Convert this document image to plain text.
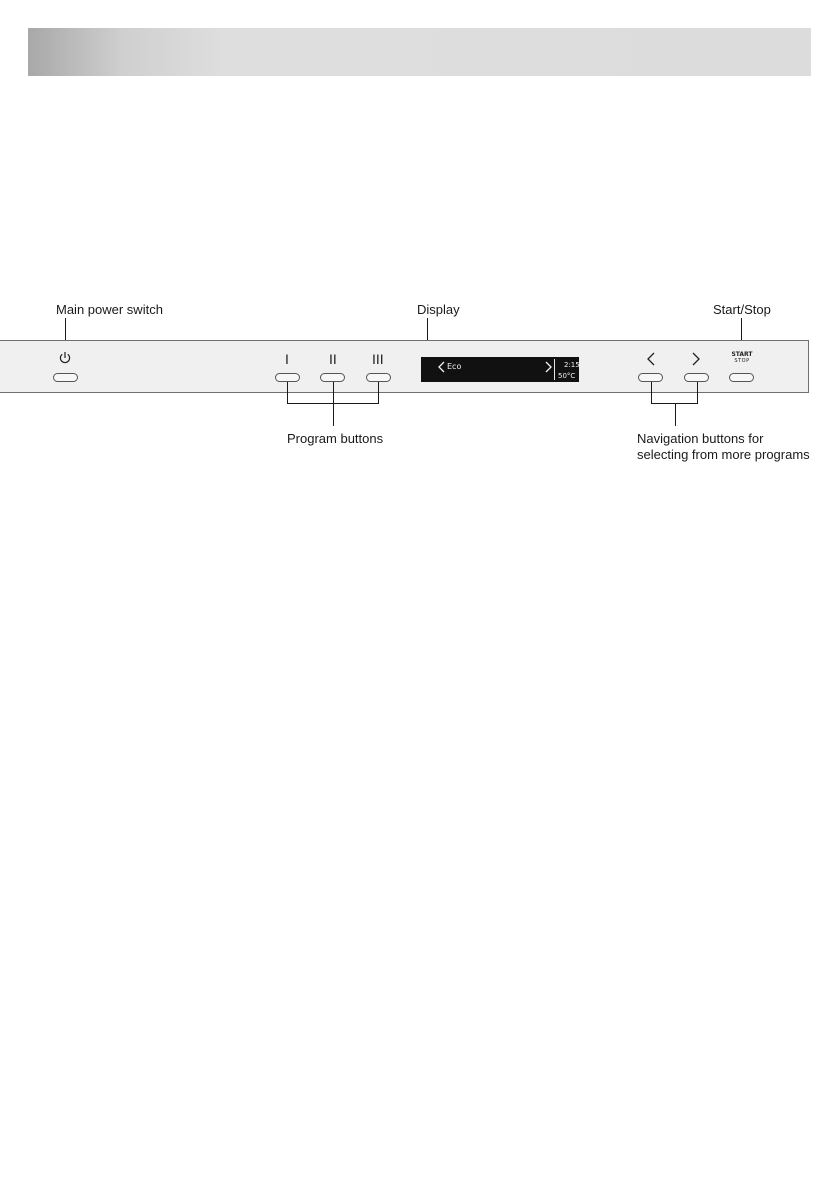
Main power switch	Display	Start/Stop
I	II	III	Eco	2:15
50°C
START
STOP
Program buttons	Navigation buttons for
selecting from more programs
